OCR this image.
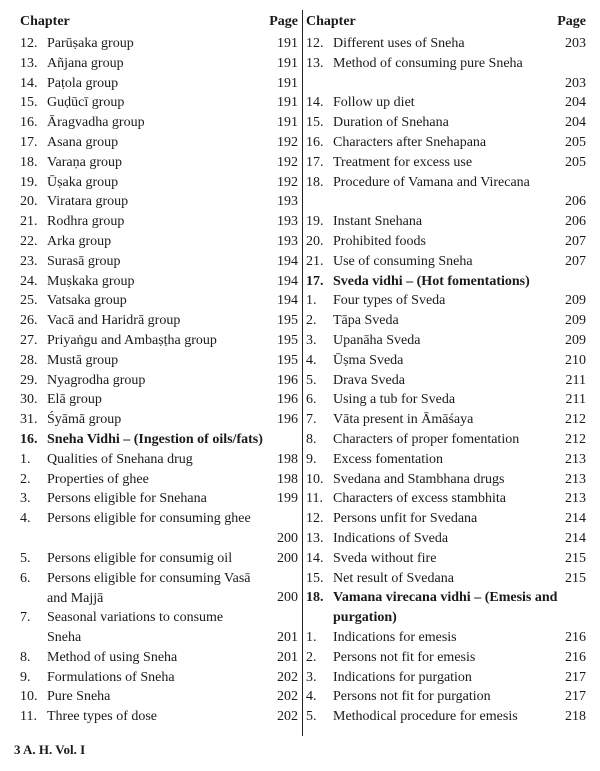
Chapter	Page
12. Parūṣaka group	191
13. Añjana group	191
14. Paṭola group	191
15. Guḍūcī group	191
16. Āragvadha group	191
17. Asana group	192
18. Varaṇa group	192
19. Ūṣaka group	192
20. Viratara group	193
21. Rodhra group	193
22. Arka group	193
23. Surasā group	194
24. Muṣkaka group	194
25. Vatsaka group	194
26. Vacā and Haridrā group	195
27. Priyaṅgu and Ambaṣṭha group	195
28. Mustā group	195
29. Nyagrodha group	196
30. Elā group	196
31. Śyāmā group	196
16. Sneha Vidhi – (Ingestion of oils/fats)
1.	Qualities of Snehana drug	198
2.	Properties of ghee	198
3.	Persons eligible for Snehana	199
4.	Persons eligible for consuming ghee
200
5.	Persons eligible for consumig oil	200
6.	Persons eligible for consuming Vasā and Majjā	200
7.	Seasonal variations to consume Sneha	201
8.	Method of using Sneha	201
9.	Formulations of Sneha	202
10. Pure Sneha	202
11. Three types of dose	202
Chapter	Page
12. Different uses of Sneha	203
13. Method of consuming pure Sneha
203
14. Follow up diet	204
15. Duration of Snehana	204
16. Characters after Snehapana	205
17. Treatment for excess use	205
18. Procedure of Vamana and Virecana
206
19. Instant Snehana	206
20. Prohibited foods	207
21. Use of consuming Sneha	207
17. Sveda vidhi – (Hot fomentations)
1.	Four types of Sveda	209
2.	Tāpa Sveda	209
3.	Upanāha Sveda	209
4.	Ūṣma Sveda	210
5.	Drava Sveda	211
6.	Using a tub for Sveda	211
7.	Vāta present in Āmāśaya	212
8.	Characters of proper fomentation	212
9.	Excess fomentation	213
10. Svedana and Stambhana drugs	213
11. Characters of excess stambhita	213
12. Persons unfit for Svedana	214
13. Indications of Sveda	214
14. Sveda without fire	215
15. Net result of Svedana	215
18. Vamana virecana vidhi – (Emesis and purgation)
1.	Indications for emesis	216
2.	Persons not fit for emesis	216
3.	Indications for purgation	217
4.	Persons not fit for purgation	217
5.	Methodical procedure for emesis	218
3 A. H. Vol. I
